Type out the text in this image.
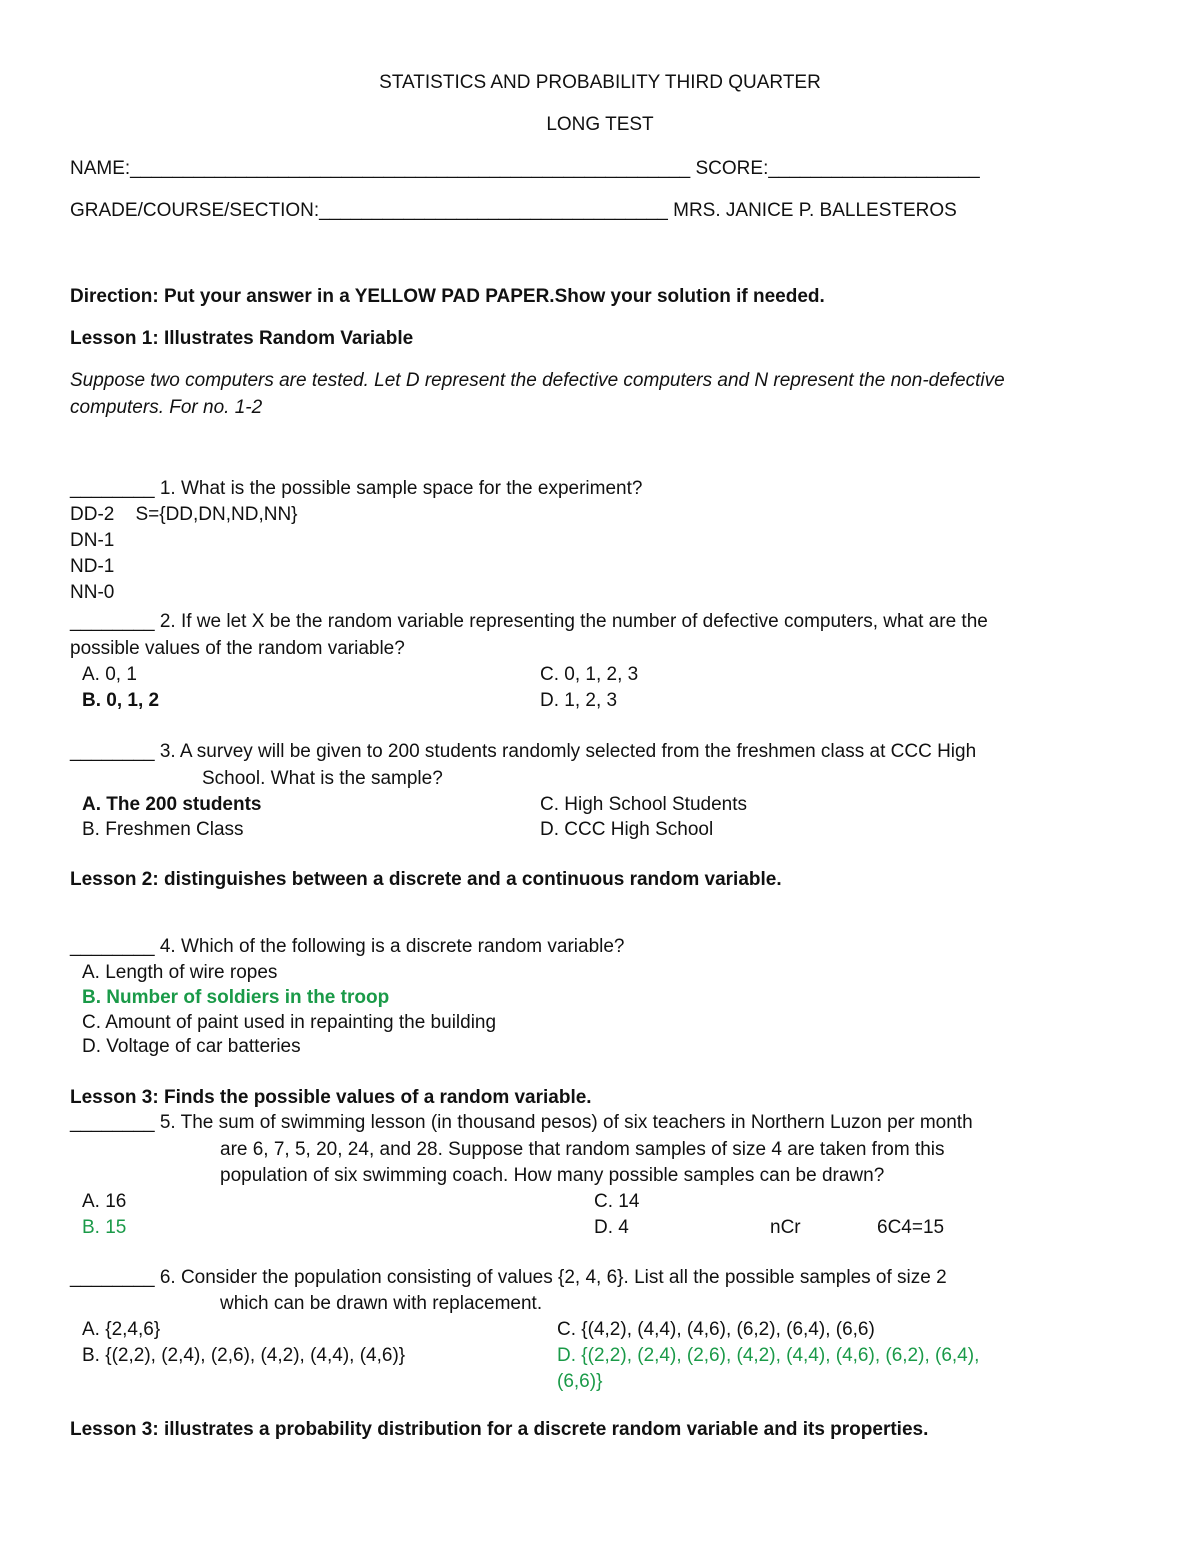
STATISTICS AND PROBABILITY THIRD QUARTER
LONG TEST
NAME:_____________________________________________________ SCORE:____________________
GRADE/COURSE/SECTION:_________________________________ MRS. JANICE P. BALLESTEROS
Direction: Put your answer in a YELLOW PAD PAPER.Show your solution if needed.
Lesson 1: Illustrates Random Variable
Suppose two computers are tested. Let D represent the defective computers and N represent the non-defective
computers. For no. 1-2
________ 1. What is the possible sample space for the experiment?
DD-2    S={DD,DN,ND,NN}
DN-1
ND-1
NN-0
________ 2. If we let X be the random variable representing the number of defective computers, what are the
possible values of the random variable?
A. 0, 1	C. 0, 1, 2, 3
B. 0, 1, 2	D. 1, 2, 3
________ 3. A survey will be given to 200 students randomly selected from the freshmen class at CCC High
School. What is the sample?
A. The 200 students	C. High School Students
B. Freshmen Class	D. CCC High School
Lesson 2: distinguishes between a discrete and a continuous random variable.
________ 4. Which of the following is a discrete random variable?
A. Length of wire ropes
B. Number of soldiers in the troop
C. Amount of paint used in repainting the building
D. Voltage of car batteries
Lesson 3: Finds the possible values of a random variable.
________ 5. The sum of swimming lesson (in thousand pesos) of six teachers in Northern Luzon per month
are 6, 7, 5, 20, 24, and 28. Suppose that random samples of size 4 are taken from this
population of six swimming coach. How many possible samples can be drawn?
A. 16	C. 14
B. 15	D. 4	nCr	6C4=15
________ 6. Consider the population consisting of values {2, 4, 6}. List all the possible samples of size 2
which can be drawn with replacement.
A. {2,4,6}	C. {(4,2), (4,4), (4,6), (6,2), (6,4), (6,6)
B. {(2,2), (2,4), (2,6), (4,2), (4,4), (4,6)}	D. {(2,2), (2,4), (2,6), (4,2), (4,4), (4,6), (6,2), (6,4),
(6,6)}
Lesson 3: illustrates a probability distribution for a discrete random variable and its properties.
